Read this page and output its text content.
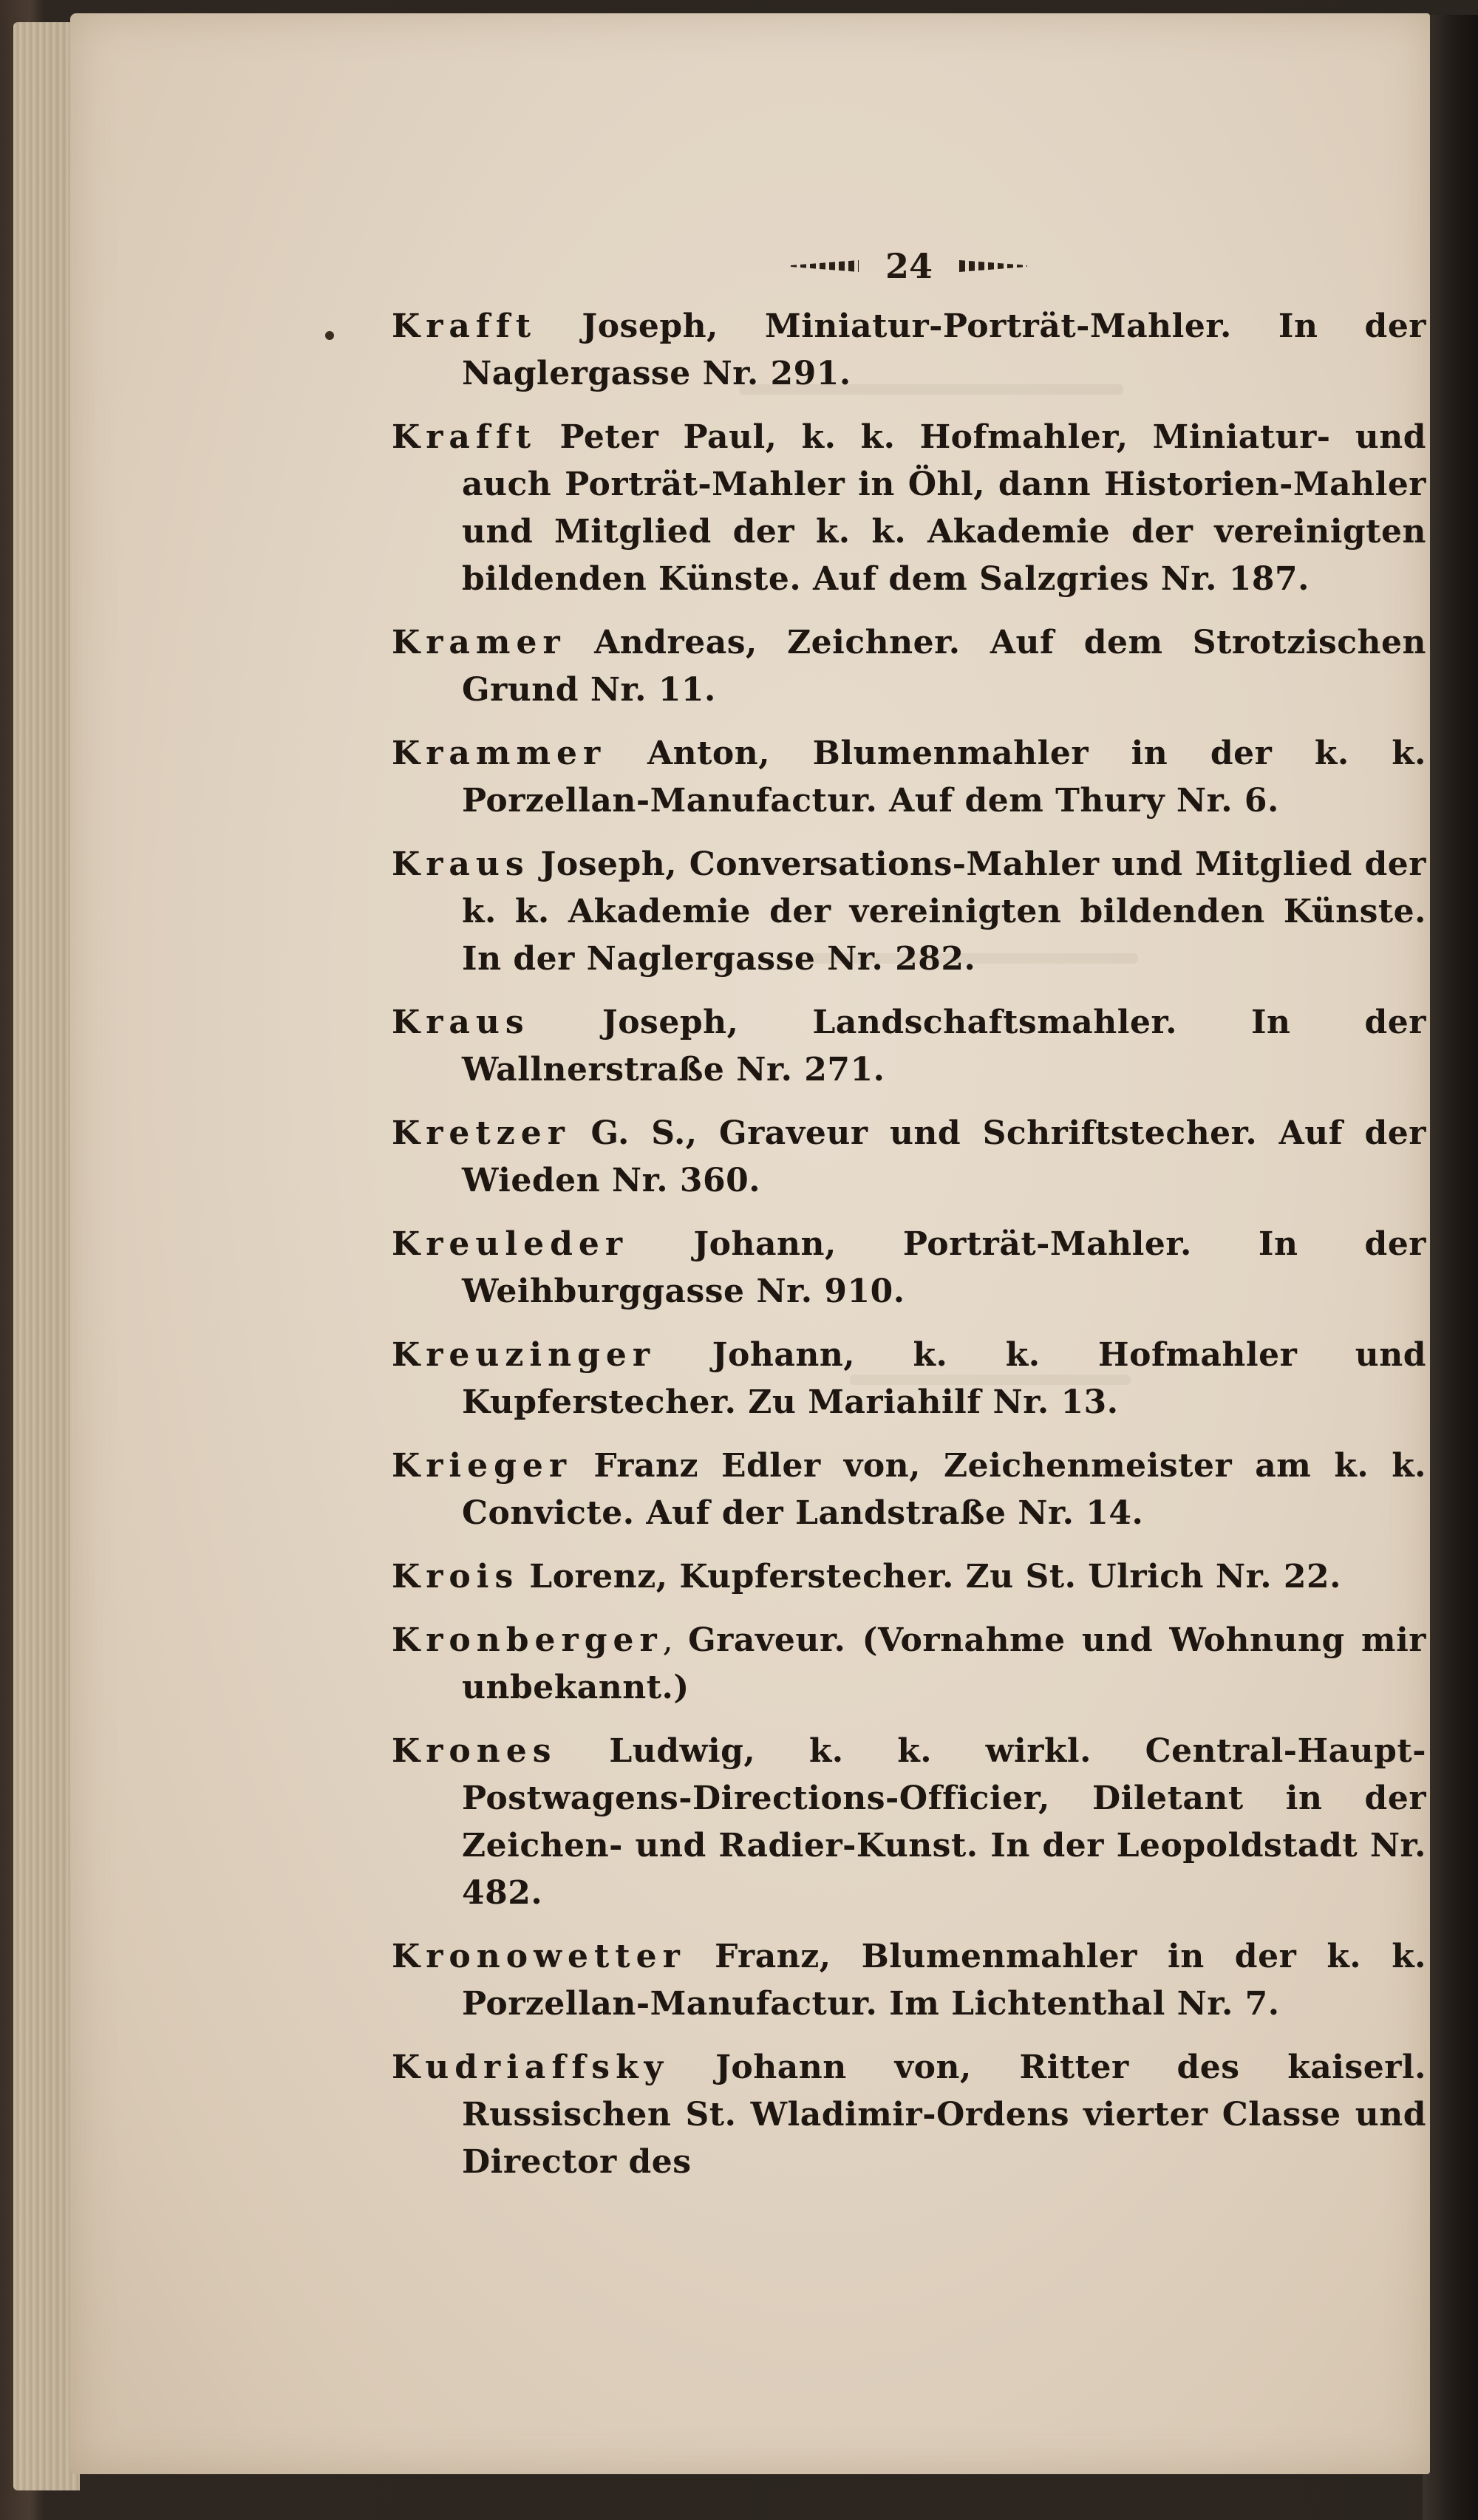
24

Krafft Joseph, Miniatur-Porträt-Mahler. In der Naglergasse Nr. 291.

Krafft Peter Paul, k. k. Hofmahler, Miniatur- und auch Porträt-Mahler in Öhl, dann Historien-Mahler und Mitglied der k. k. Akademie der vereinigten bildenden Künste. Auf dem Salzgries Nr. 187.

Kramer Andreas, Zeichner. Auf dem Strotzischen Grund Nr. 11.

Krammer Anton, Blumenmahler in der k. k. Porzellan-Manufactur. Auf dem Thury Nr. 6.

Kraus Joseph, Conversations-Mahler und Mitglied der k. k. Akademie der vereinigten bildenden Künste. In der Naglergasse Nr. 282.

Kraus Joseph, Landschaftsmahler. In der Wallnerstraße Nr. 271.

Kretzer G. S., Graveur und Schriftstecher. Auf der Wieden Nr. 360.

Kreuleder Johann, Porträt-Mahler. In der Weihburggasse Nr. 910.

Kreuzinger Johann, k. k. Hofmahler und Kupferstecher. Zu Mariahilf Nr. 13.

Krieger Franz Edler von, Zeichenmeister am k. k. Convicte. Auf der Landstraße Nr. 14.

Krois Lorenz, Kupferstecher. Zu St. Ulrich Nr. 22.

Kronberger, Graveur. (Vornahme und Wohnung mir unbekannt.)

Krones Ludwig, k. k. wirkl. Central-Haupt-Postwagens-Directions-Officier, Diletant in der Zeichen- und Radier-Kunst. In der Leopoldstadt Nr. 482.

Kronowetter Franz, Blumenmahler in der k. k. Porzellan-Manufactur. Im Lichtenthal Nr. 7.

Kudriaffsky Johann von, Ritter des kaiserl. Russischen St. Wladimir-Ordens vierter Classe und Director des
